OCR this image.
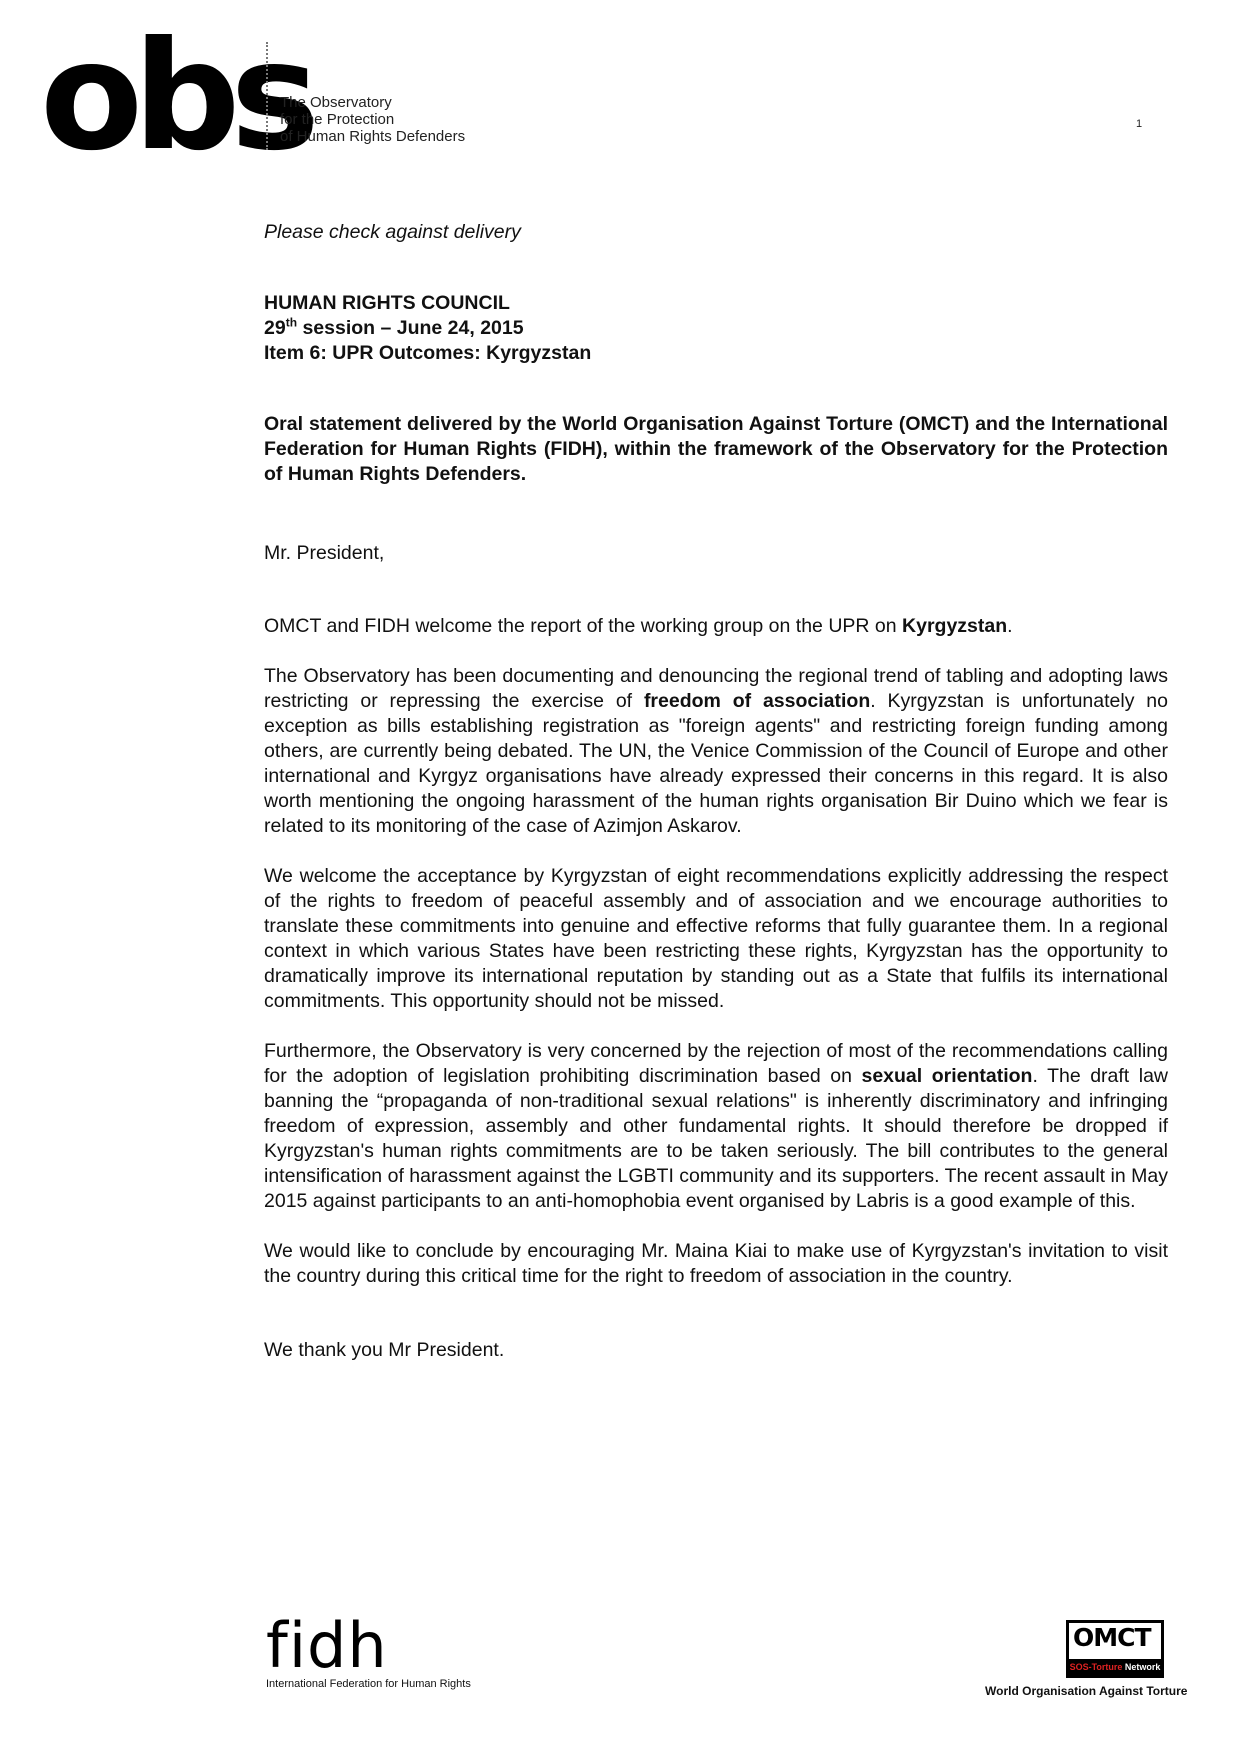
obs
The Observatory
for the Protection
of Human Rights Defenders
1

Please check against delivery

HUMAN RIGHTS COUNCIL
29th session – June 24, 2015
Item 6: UPR Outcomes: Kyrgyzstan

Oral statement delivered by the World Organisation Against Torture (OMCT) and the International Federation for Human Rights (FIDH), within the framework of the Observatory for the Protection of Human Rights Defenders.

Mr. President,

OMCT and FIDH welcome the report of the working group on the UPR on Kyrgyzstan.

The Observatory has been documenting and denouncing the regional trend of tabling and adopting laws restricting or repressing the exercise of freedom of association. Kyrgyzstan is unfortunately no exception as bills establishing registration as "foreign agents" and restricting foreign funding among others, are currently being debated. The UN, the Venice Commission of the Council of Europe and other international and Kyrgyz organisations have already expressed their concerns in this regard. It is also worth mentioning the ongoing harassment of the human rights organisation Bir Duino which we fear is related to its monitoring of the case of Azimjon Askarov.

We welcome the acceptance by Kyrgyzstan of eight recommendations explicitly addressing the respect of the rights to freedom of peaceful assembly and of association and we encourage authorities to translate these commitments into genuine and effective reforms that fully guarantee them. In a regional context in which various States have been restricting these rights, Kyrgyzstan has the opportunity to dramatically improve its international reputation by standing out as a State that fulfils its international commitments. This opportunity should not be missed.

Furthermore, the Observatory is very concerned by the rejection of most of the recommendations calling for the adoption of legislation prohibiting discrimination based on sexual orientation. The draft law banning the “propaganda of non-traditional sexual relations" is inherently discriminatory and infringing freedom of expression, assembly and other fundamental rights. It should therefore be dropped if Kyrgyzstan's human rights commitments are to be taken seriously. The bill contributes to the general intensification of harassment against the LGBTI community and its supporters. The recent assault in May 2015 against participants to an anti-homophobia event organised by Labris is a good example of this.

We would like to conclude by encouraging Mr. Maina Kiai to make use of Kyrgyzstan's invitation to visit the country during this critical time for the right to freedom of association in the country.

We thank you Mr President.

fidh
International Federation for Human Rights
OMCT
SOS-Torture Network
World Organisation Against Torture
